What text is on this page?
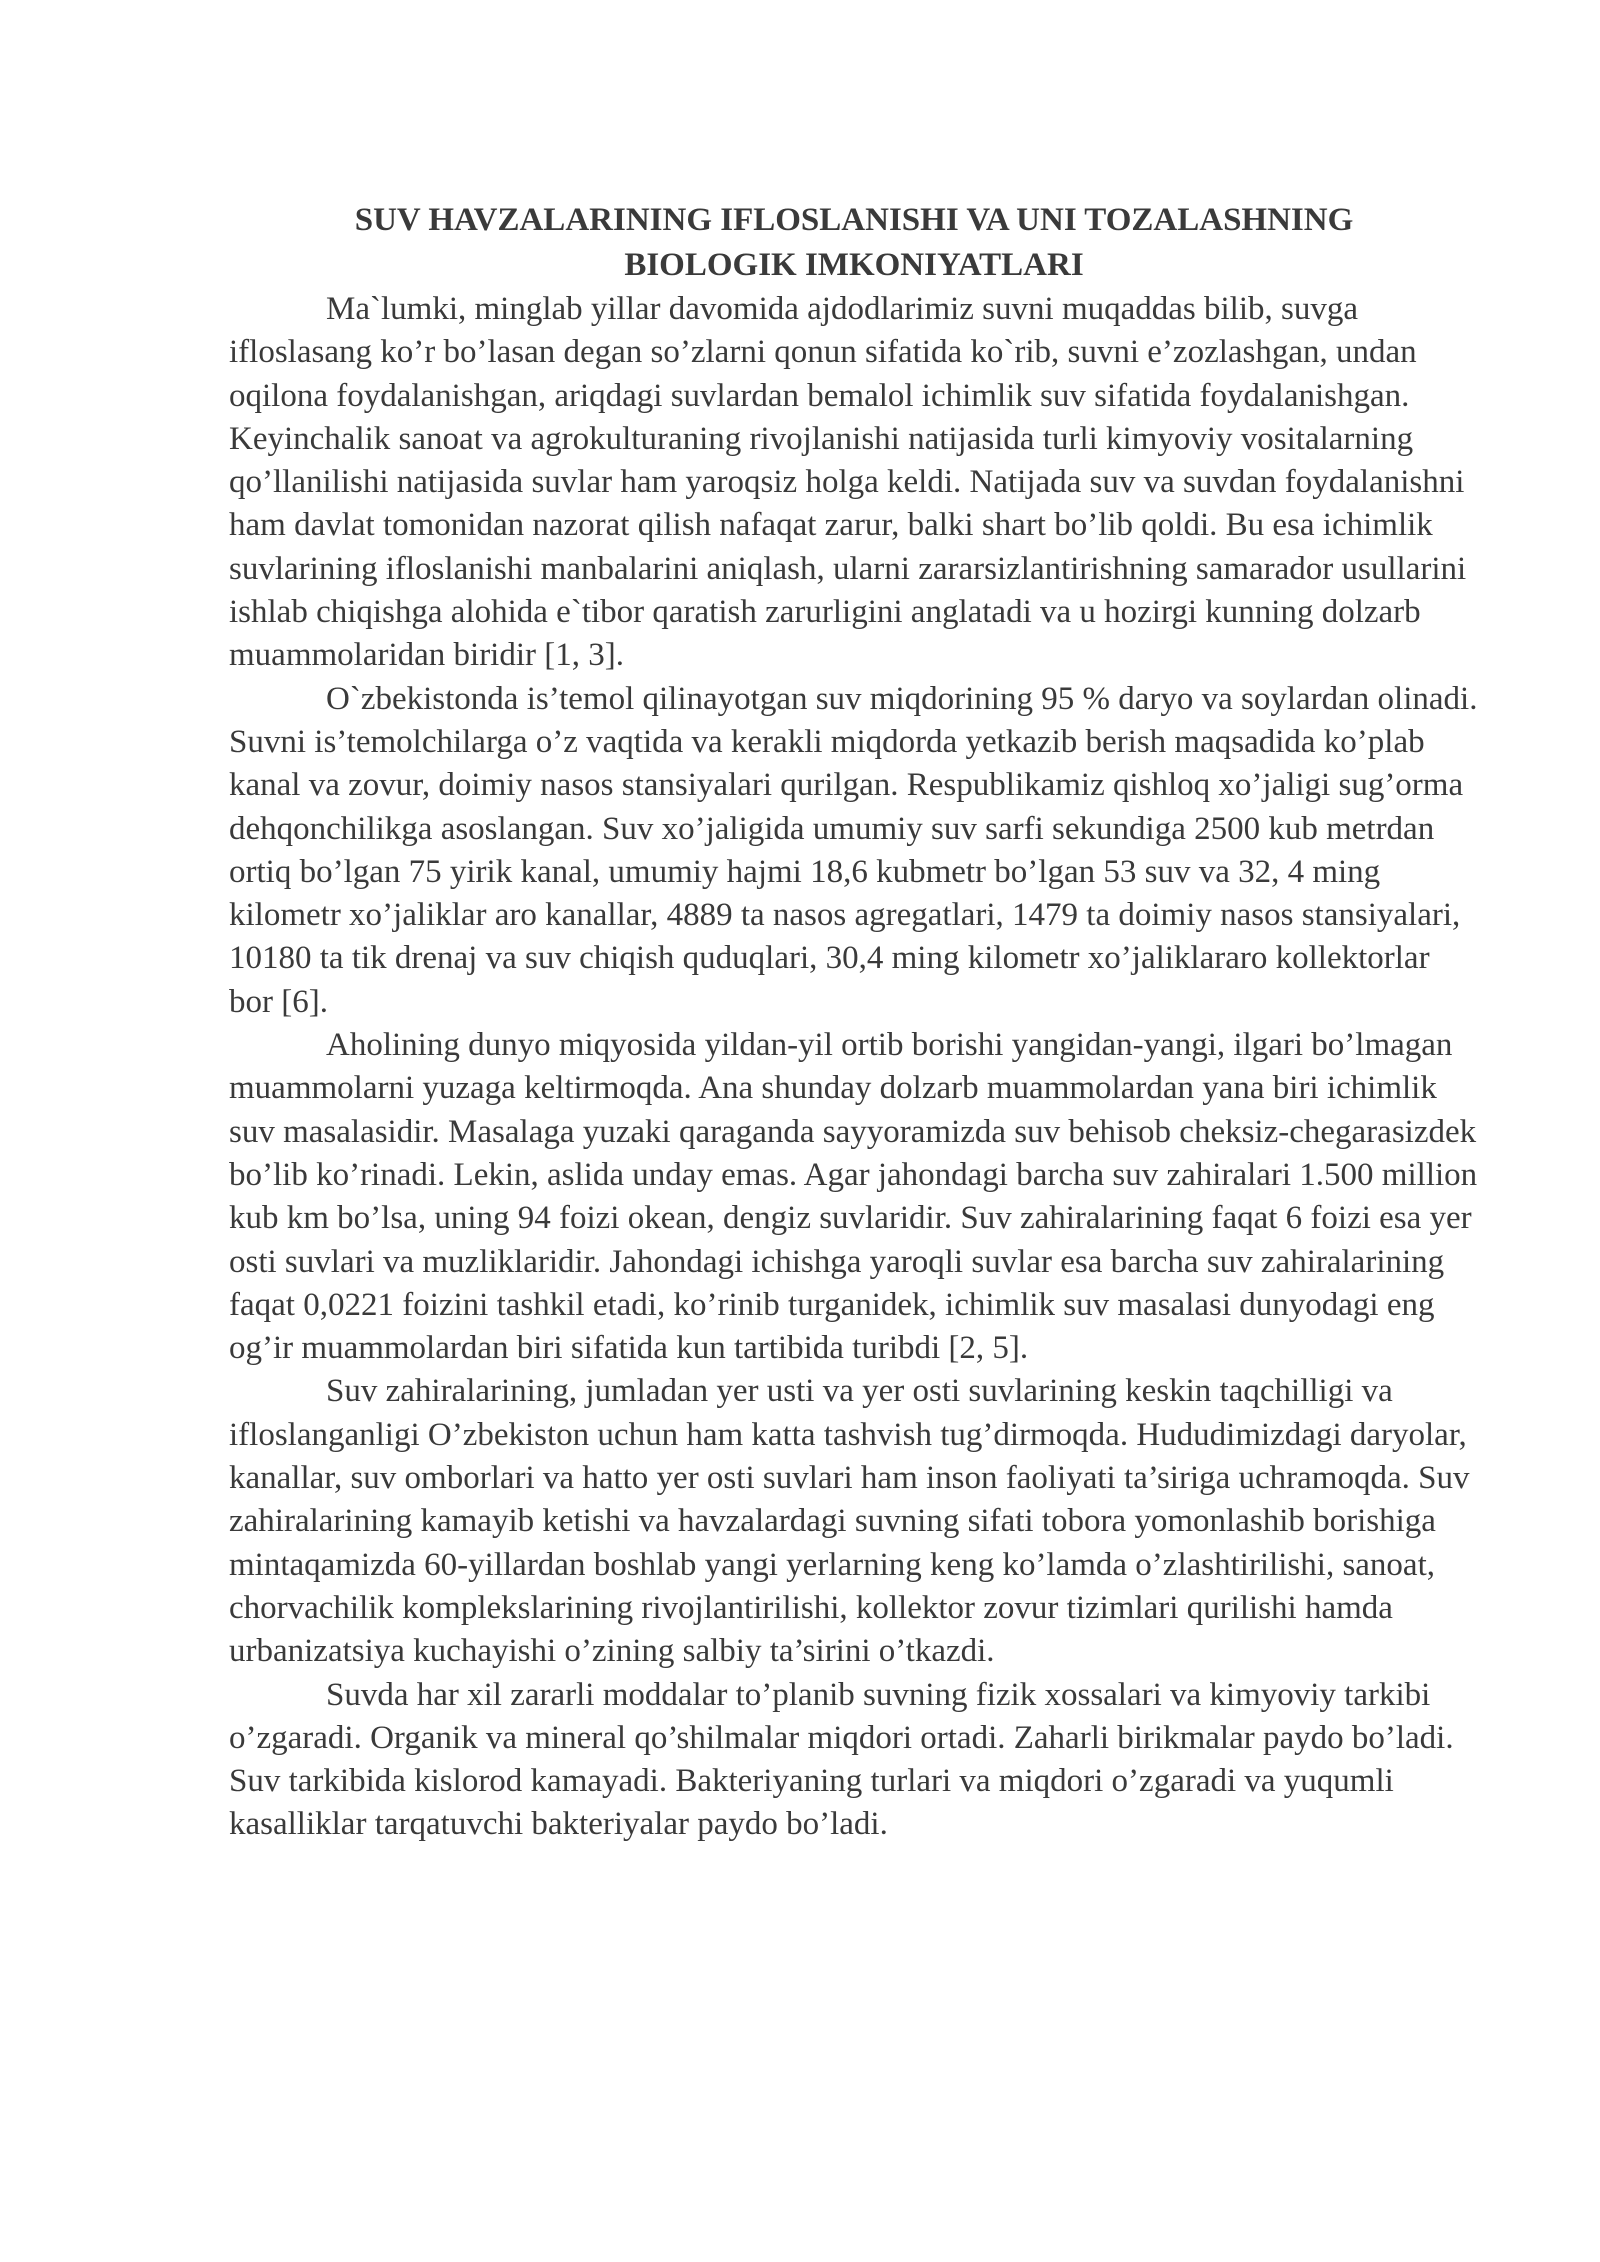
SUV HAVZALARINING IFLOSLANISHI VA UNI TOZALASHNING
BIOLOGIK IMKONIYATLARI

Ma`lumki, minglab yillar davomida ajdodlarimiz suvni muqaddas bilib, suvga ifloslasang ko’r bo’lasan degan so’zlarni qonun sifatida ko`rib, suvni e’zozlashgan, undan oqilona foydalanishgan, ariqdagi suvlardan bemalol ichimlik suv sifatida foydalanishgan. Keyinchalik sanoat va agrokulturaning rivojlanishi natijasida turli kimyoviy vositalarning qo’llanilishi natijasida suvlar ham yaroqsiz holga keldi. Natijada suv va suvdan foydalanishni ham davlat tomonidan nazorat qilish nafaqat zarur, balki shart bo’lib qoldi. Bu esa ichimlik suvlarining ifloslanishi manbalarini aniqlash, ularni zararsizlantirishning samarador usullarini ishlab chiqishga alohida e`tibor qaratish zarurligini anglatadi va u hozirgi kunning dolzarb muammolaridan biridir [1, 3].

O`zbekistonda is’temol qilinayotgan suv miqdorining 95 % daryo va soylardan olinadi. Suvni is’temolchilarga o’z vaqtida va kerakli miqdorda yetkazib berish maqsadida ko’plab kanal va zovur, doimiy nasos stansiyalari qurilgan. Respublikamiz qishloq xo’jaligi sug’orma dehqonchilikga asoslangan. Suv xo’jaligida umumiy suv sarfi sekundiga 2500 kub metrdan ortiq bo’lgan 75 yirik kanal, umumiy hajmi 18,6 kubmetr bo’lgan 53 suv va 32, 4 ming kilometr xo’jaliklar aro kanallar, 4889 ta nasos agregatlari, 1479 ta doimiy nasos stansiyalari, 10180 ta tik drenaj va suv chiqish quduqlari, 30,4 ming kilometr xo’jaliklararo kollektorlar bor [6].

Aholining dunyo miqyosida yildan-yil ortib borishi yangidan-yangi, ilgari bo’lmagan muammolarni yuzaga keltirmoqda. Ana shunday dolzarb muammolardan yana biri ichimlik suv masalasidir. Masalaga yuzaki qaraganda sayyoramizda suv behisob cheksiz-chegarasizdek bo’lib ko’rinadi. Lekin, aslida unday emas. Agar jahondagi barcha suv zahiralari 1.500 million kub km bo’lsa, uning 94 foizi okean, dengiz suvlaridir. Suv zahiralarining faqat 6 foizi esa yer osti suvlari va muzliklaridir. Jahondagi ichishga yaroqli suvlar esa barcha suv zahiralarining faqat 0,0221 foizini tashkil etadi, ko’rinib turganidek, ichimlik suv masalasi dunyodagi eng og’ir muammolardan biri sifatida kun tartibida turibdi [2, 5].

Suv zahiralarining, jumladan yer usti va yer osti suvlarining keskin taqchilligi va ifloslanganligi O’zbekiston uchun ham katta tashvish tug’dirmoqda. Hududimizdagi daryolar, kanallar, suv omborlari va hatto yer osti suvlari ham inson faoliyati ta’siriga uchramoqda. Suv zahiralarining kamayib ketishi va havzalardagi suvning sifati tobora yomonlashib borishiga mintaqamizda 60-yillardan boshlab yangi yerlarning keng ko’lamda o’zlashtirilishi, sanoat, chorvachilik komplekslarining rivojlantirilishi, kollektor zovur tizimlari qurilishi hamda urbanizatsiya kuchayishi o’zining salbiy ta’sirini o’tkazdi.

Suvda har xil zararli moddalar to’planib suvning fizik xossalari va kimyoviy tarkibi o’zgaradi. Organik va mineral qo’shilmalar miqdori ortadi. Zaharli birikmalar paydo bo’ladi. Suv tarkibida kislorod kamayadi. Bakteriyaning turlari va miqdori o’zgaradi va yuqumli kasalliklar tarqatuvchi bakteriyalar paydo bo’ladi.
